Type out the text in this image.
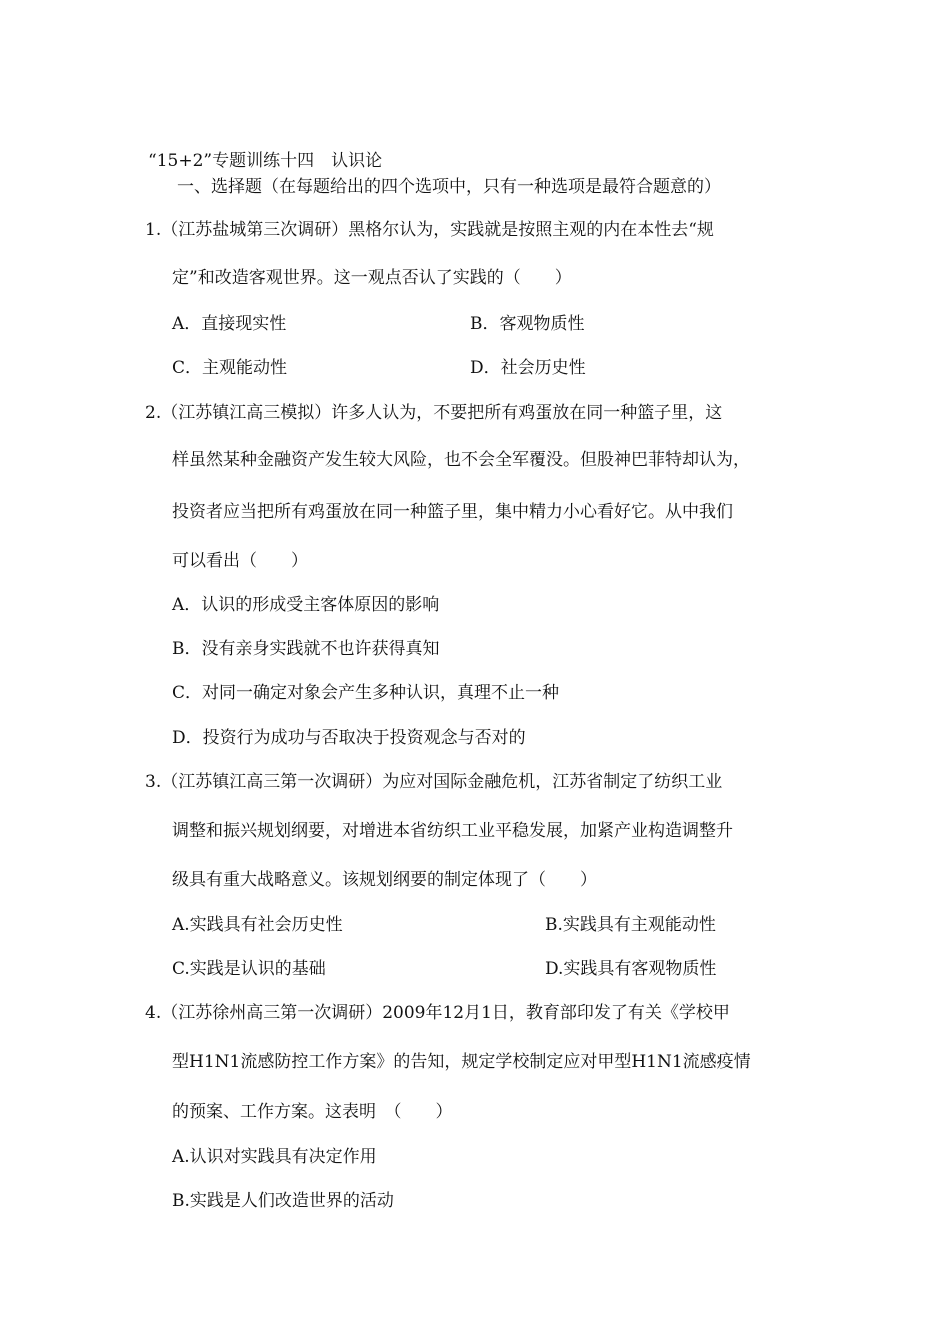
“15+2”专题训练十四　认识论
一、选择题（在每题给出的四个选项中，只有一种选项是最符合题意的）
1.（江苏盐城第三次调研）黑格尔认为，实践就是按照主观的内在本性去“规
定”和改造客观世界。这一观点否认了实践的（　　）
A．直接现实性	B．客观物质性
C．主观能动性	D．社会历史性
2.（江苏镇江高三模拟）许多人认为，不要把所有鸡蛋放在同一种篮子里，这
样虽然某种金融资产发生较大风险，也不会全军覆没。但股神巴菲特却认为，
投资者应当把所有鸡蛋放在同一种篮子里，集中精力小心看好它。从中我们
可以看出（　　）
A．认识的形成受主客体原因的影响
B．没有亲身实践就不也许获得真知
C．对同一确定对象会产生多种认识，真理不止一种
D．投资行为成功与否取决于投资观念与否对的
3.（江苏镇江高三第一次调研）为应对国际金融危机，江苏省制定了纺织工业
调整和振兴规划纲要，对增进本省纺织工业平稳发展，加紧产业构造调整升
级具有重大战略意义。该规划纲要的制定体现了（　　）
A.实践具有社会历史性	B.实践具有主观能动性
C.实践是认识的基础	D.实践具有客观物质性
4.（江苏徐州高三第一次调研）2009年12月1日，教育部印发了有关《学校甲
型H1N1流感防控工作方案》的告知，规定学校制定应对甲型H1N1流感疫情
的预案、工作方案。这表明　（　　）
A.认识对实践具有决定作用
B.实践是人们改造世界的活动
